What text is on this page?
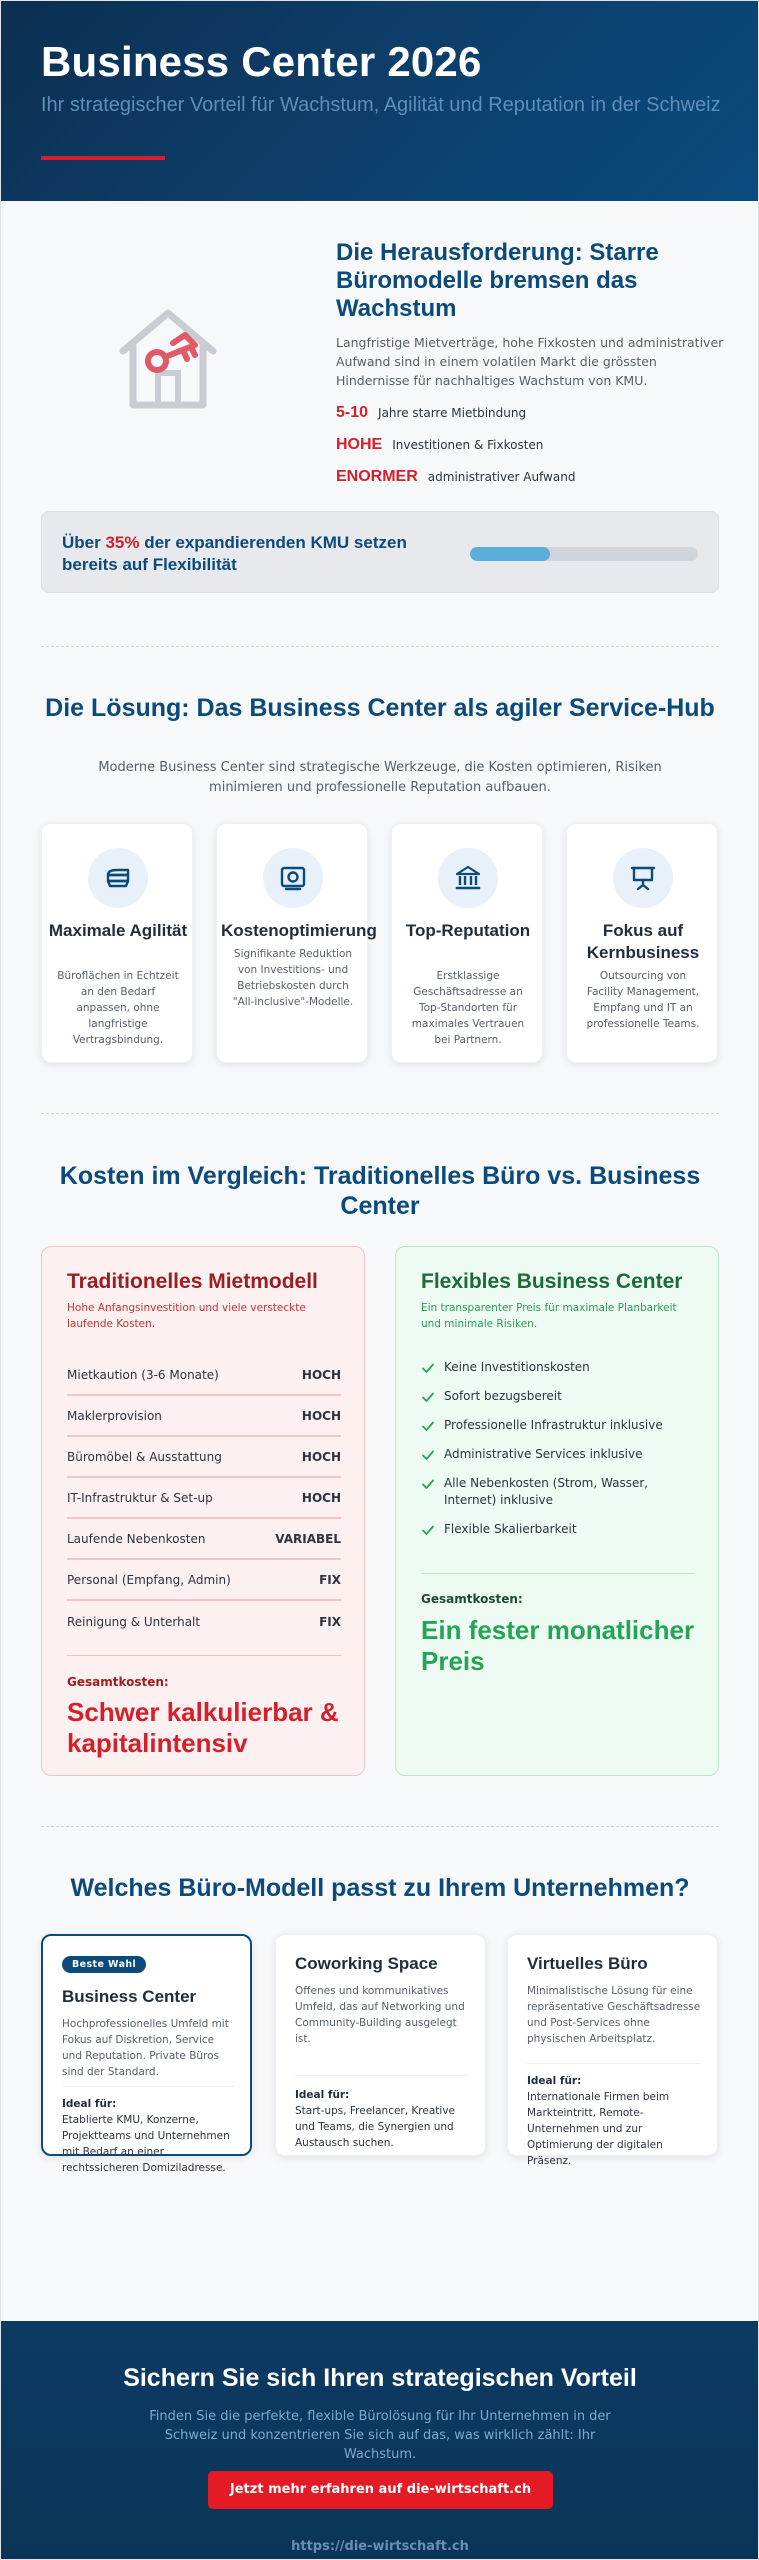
Business Center 2026

Ihr strategischer Vorteil für Wachstum, Agilität und Reputation in der Schweiz

Die Herausforderung: Starre Büromodelle bremsen das Wachstum

Langfristige Mietverträge, hohe Fixkosten und administrativer Aufwand sind in einem volatilen Markt die grössten Hindernisse für nachhaltiges Wachstum von KMU.

5-10 Jahre starre Mietbindung
HOHE Investitionen & Fixkosten
ENORMER administrativer Aufwand
Über 35% der expandierenden KMU setzen bereits auf Flexibilität
Die Lösung: Das Business Center als agiler Service-Hub

Moderne Business Center sind strategische Werkzeuge, die Kosten optimieren, Risiken minimieren und professionelle Reputation aufbauen.

Maximale Agilität

Büroflächen in Echtzeit an den Bedarf anpassen, ohne langfristige Vertragsbindung.

Kostenoptimierung

Signifikante Reduktion von Investitions- und Betriebskosten durch "All-inclusive"-Modelle.

Top-Reputation

Erstklassige Geschäftsadresse an Top-Standorten für maximales Vertrauen bei Partnern.

Fokus auf Kernbusiness

Outsourcing von Facility Management, Empfang und IT an professionelle Teams.

Kosten im Vergleich: Traditionelles Büro vs. Business Center
Traditionelles Mietmodell

Hohe Anfangsinvestition und viele versteckte laufende Kosten.

Mietkaution (3-6 Monate)	HOCH
Maklerprovision	HOCH
Büromöbel & Ausstattung	HOCH
IT-Infrastruktur & Set-up	HOCH
Laufende Nebenkosten	VARIABEL
Personal (Empfang, Admin)	FIX
Reinigung & Unterhalt	FIX
Gesamtkosten:
Schwer kalkulierbar & kapitalintensiv
Flexibles Business Center

Ein transparenter Preis für maximale Planbarkeit und minimale Risiken.

Keine Investitionskosten
Sofort bezugsbereit
Professionelle Infrastruktur inklusive
Administrative Services inklusive
Alle Nebenkosten (Strom, Wasser, Internet) inklusive
Flexible Skalierbarkeit
Gesamtkosten:
Ein fester monatlicher Preis
Welches Büro-Modell passt zu Ihrem Unternehmen?
Beste Wahl
Business Center

Hochprofessionelles Umfeld mit Fokus auf Diskretion, Service und Reputation. Private Büros sind der Standard.

Ideal für:

Etablierte KMU, Konzerne, Projektteams und Unternehmen mit Bedarf an einer rechtssicheren Domiziladresse.

Coworking Space

Offenes und kommunikatives Umfeld, das auf Networking und Community-Building ausgelegt ist.

Ideal für:

Start-ups, Freelancer, Kreative und Teams, die Synergien und Austausch suchen.

Virtuelles Büro

Minimalistische Lösung für eine repräsentative Geschäftsadresse und Post-Services ohne physischen Arbeitsplatz.

Ideal für:

Internationale Firmen beim Markteintritt, Remote-Unternehmen und zur Optimierung der digitalen Präsenz.

Sichern Sie sich Ihren strategischen Vorteil

Finden Sie die perfekte, flexible Bürolösung für Ihr Unternehmen in der Schweiz und konzentrieren Sie sich auf das, was wirklich zählt: Ihr Wachstum.

Jetzt mehr erfahren auf die-wirtschaft.ch
https://die-wirtschaft.ch
